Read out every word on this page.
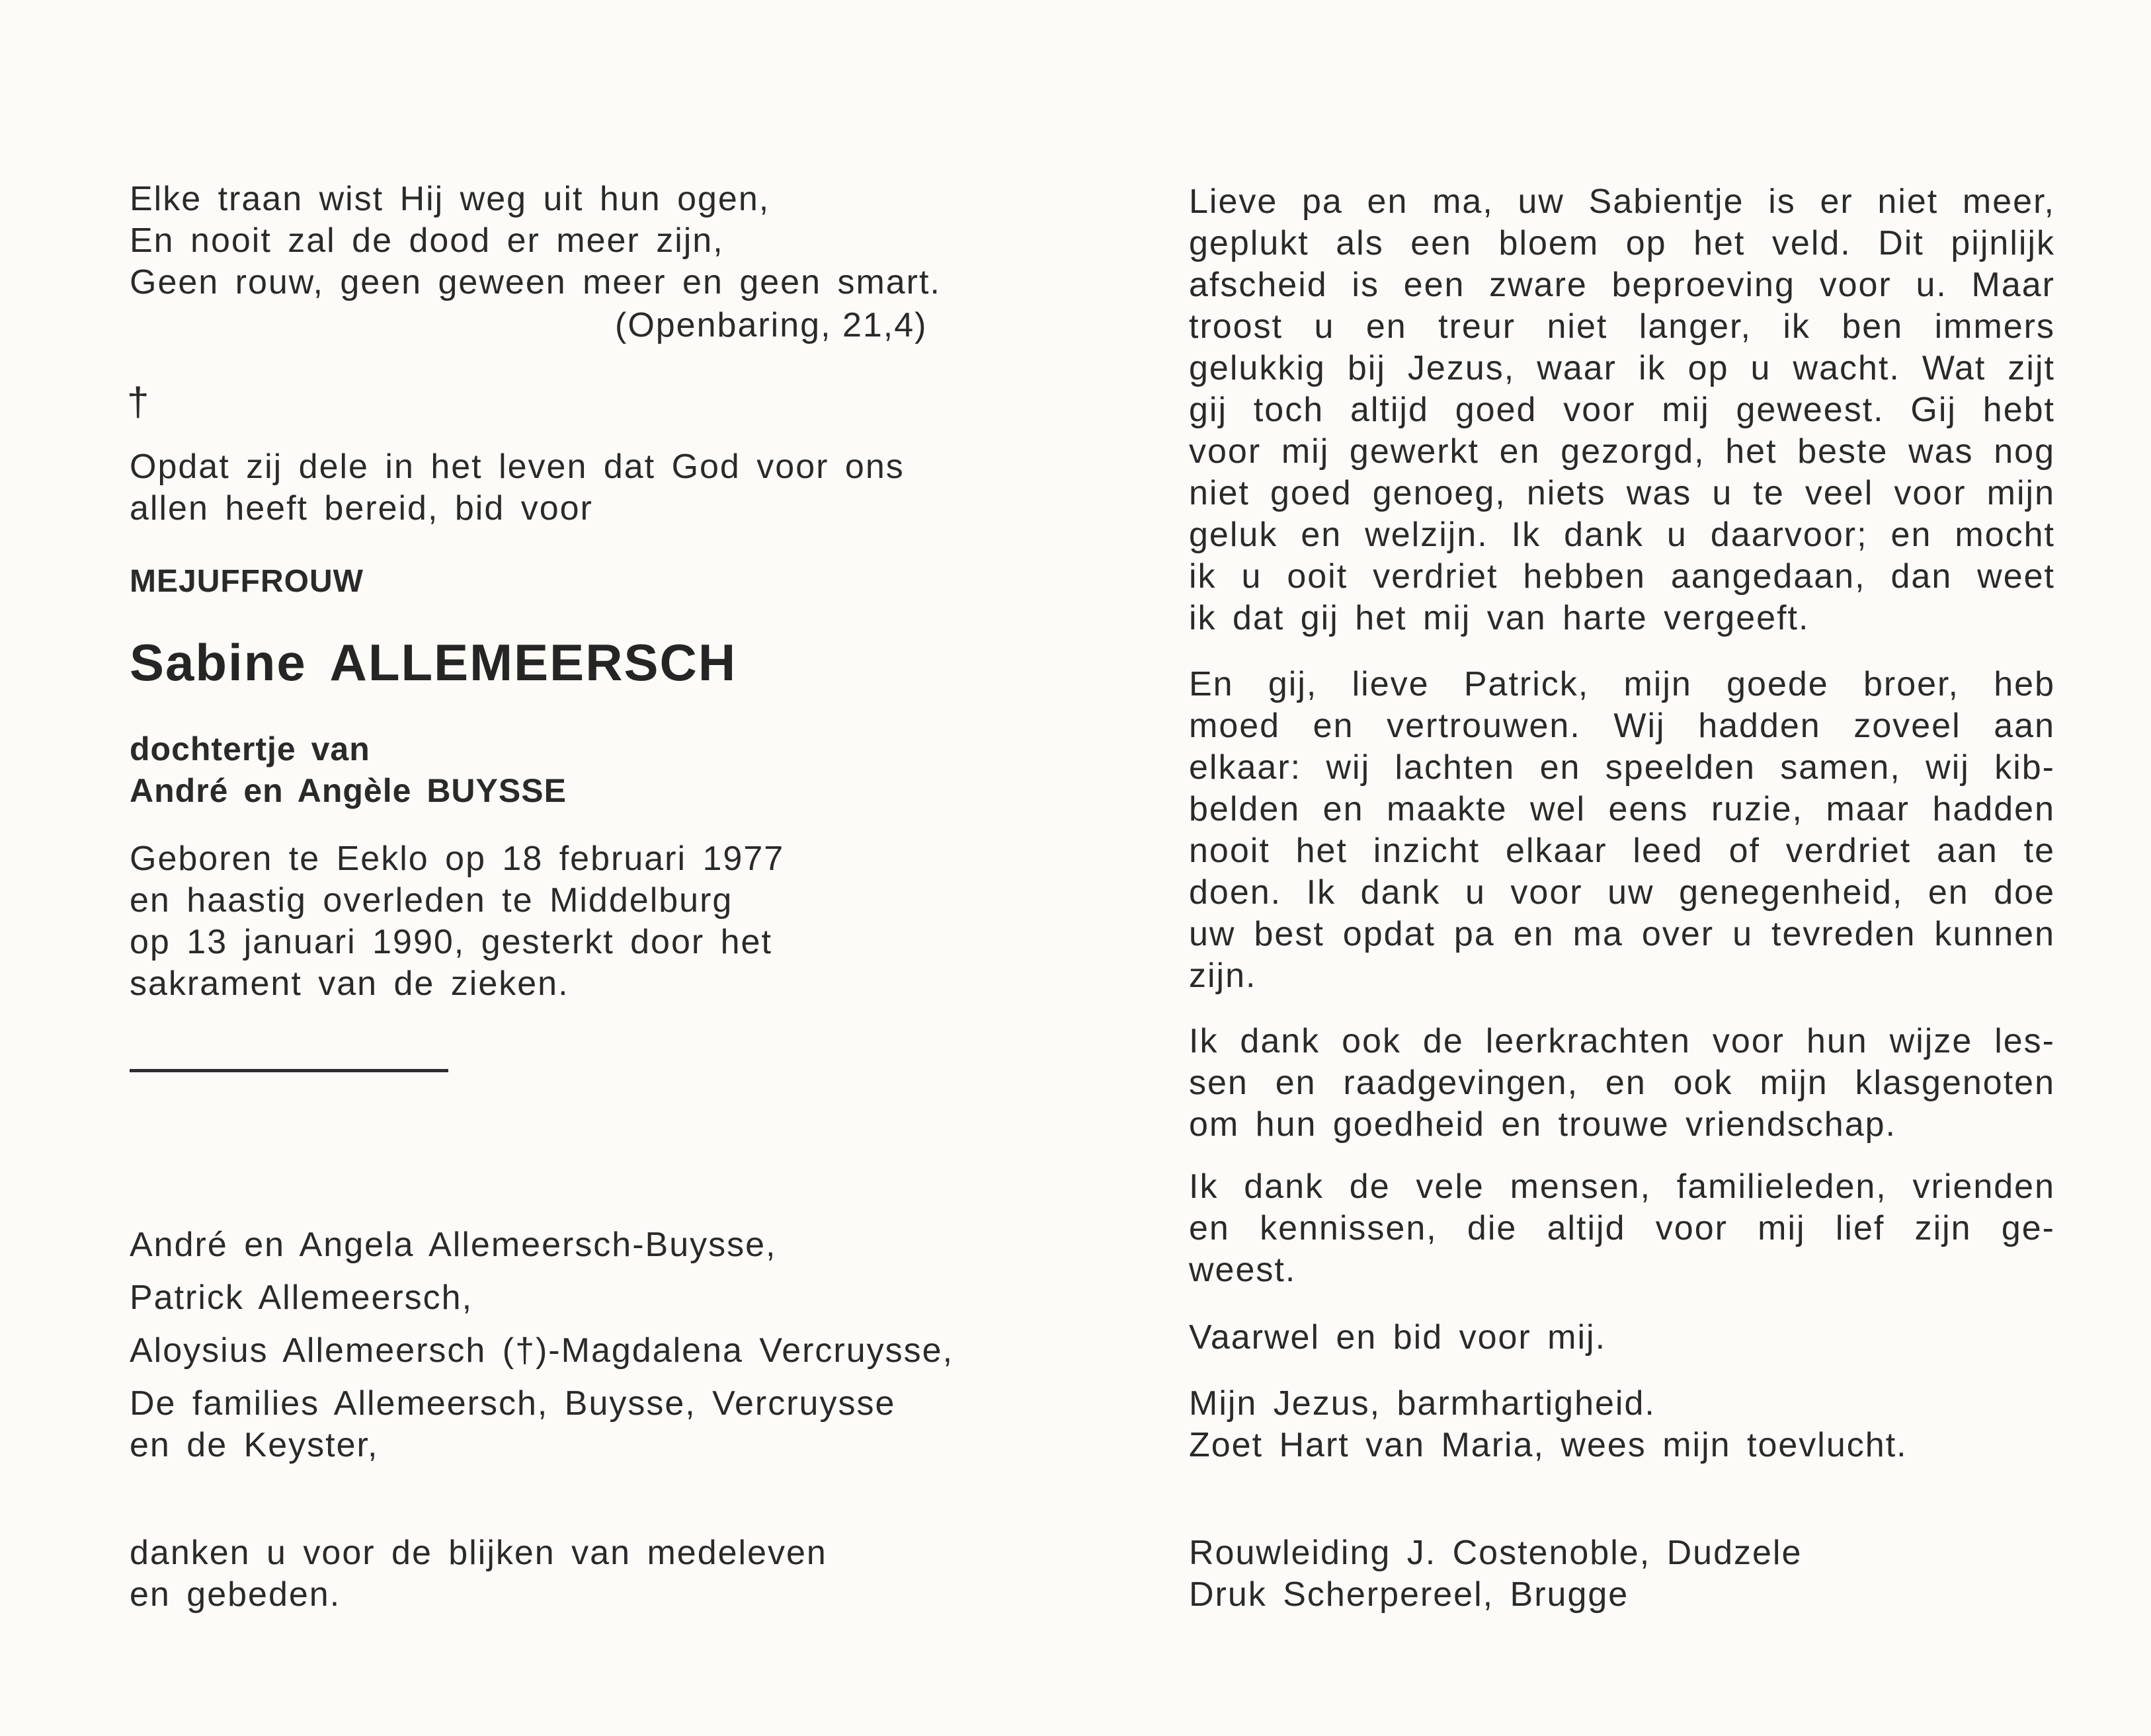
Elke traan wist Hij weg uit hun ogen,
En nooit zal de dood er meer zijn,
Geen rouw, geen geween meer en geen smart.
(Openbaring, 21,4)
†
Opdat zij dele in het leven dat God voor ons
allen heeft bereid, bid voor
MEJUFFROUW
Sabine ALLEMEERSCH
dochtertje van
André en Angèle BUYSSE
Geboren te Eeklo op 18 februari 1977
en haastig overleden te Middelburg
op 13 januari 1990, gesterkt door het
sakrament van de zieken.
André en Angela Allemeersch-Buysse,
Patrick Allemeersch,
Aloysius Allemeersch (†)-Magdalena Vercruysse,
De families Allemeersch, Buysse, Vercruysse
en de Keyster,
danken u voor de blijken van medeleven
en gebeden.
Lieve pa en ma, uw Sabientje is er niet meer,
geplukt als een bloem op het veld. Dit pijnlijk
afscheid is een zware beproeving voor u. Maar
troost u en treur niet langer, ik ben immers
gelukkig bij Jezus, waar ik op u wacht. Wat zijt
gij toch altijd goed voor mij geweest. Gij hebt
voor mij gewerkt en gezorgd, het beste was nog
niet goed genoeg, niets was u te veel voor mijn
geluk en welzijn. Ik dank u daarvoor; en mocht
ik u ooit verdriet hebben aangedaan, dan weet
ik dat gij het mij van harte vergeeft.
En gij, lieve Patrick, mijn goede broer, heb
moed en vertrouwen. Wij hadden zoveel aan
elkaar: wij lachten en speelden samen, wij kib-
belden en maakte wel eens ruzie, maar hadden
nooit het inzicht elkaar leed of verdriet aan te
doen. Ik dank u voor uw genegenheid, en doe
uw best opdat pa en ma over u tevreden kunnen
zijn.
Ik dank ook de leerkrachten voor hun wijze les-
sen en raadgevingen, en ook mijn klasgenoten
om hun goedheid en trouwe vriendschap.
Ik dank de vele mensen, familieleden, vrienden
en kennissen, die altijd voor mij lief zijn ge-
weest.
Vaarwel en bid voor mij.
Mijn Jezus, barmhartigheid.
Zoet Hart van Maria, wees mijn toevlucht.
Rouwleiding J. Costenoble, Dudzele
Druk Scherpereel, Brugge
